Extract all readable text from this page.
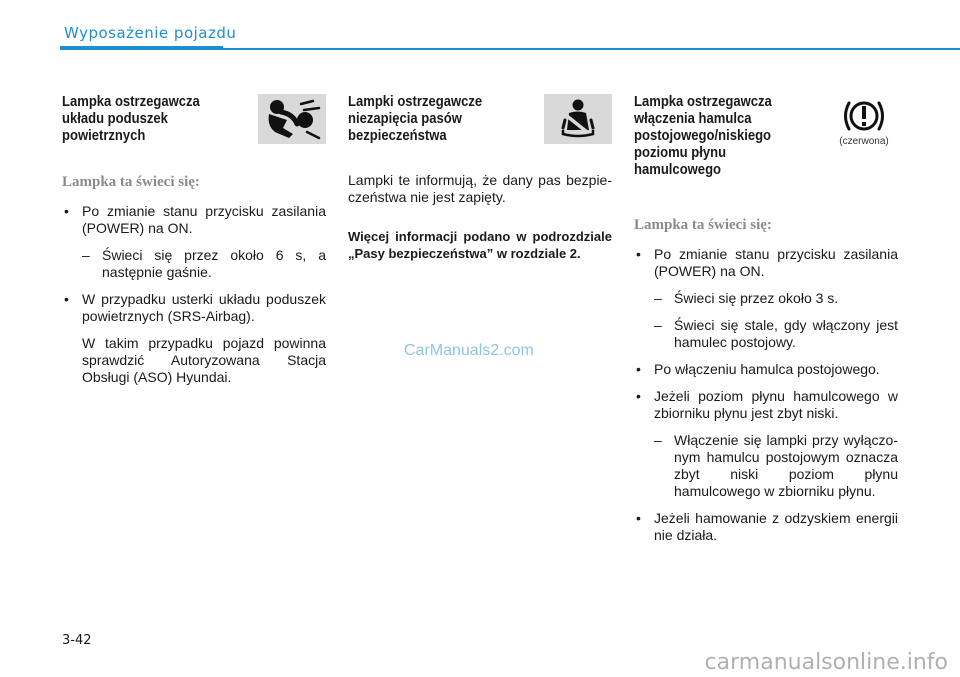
Wyposażenie pojazdu
Lampka ostrzegawcza
układu poduszek
powietrznych
Lampka ta świeci się:
• Po zmianie stanu przycisku zasilania (POWER) na ON.
– Świeci się przez około 6 s, a następnie gaśnie.
• W przypadku usterki układu poduszek powietrznych (SRS-Airbag).
W takim przypadku pojazd powinna sprawdzić Autoryzowana Stacja Obsługi (ASO) Hyundai.
Lampki ostrzegawcze
niezapięcia pasów
bezpieczeństwa
Lampki te informują, że dany pas bezpie-czeństwa nie jest zapięty.
Więcej informacji podano w podrozdziale „Pasy bezpieczeństwa” w rozdziale 2.
Lampka ostrzegawcza
włączenia hamulca
postojowego/niskiego
poziomu płynu
hamulcowego
(czerwona)
Lampka ta świeci się:
• Po zmianie stanu przycisku zasilania (POWER) na ON.
– Świeci się przez około 3 s.
– Świeci się stale, gdy włączony jest hamulec postojowy.
• Po włączeniu hamulca postojowego.
• Jeżeli poziom płynu hamulcowego w zbiorniku płynu jest zbyt niski.
– Włączenie się lampki przy wyłączo-nym hamulcu postojowym oznacza zbyt niski poziom płynu hamulcowego w zbiorniku płynu.
• Jeżeli hamowanie z odzyskiem energii nie działa.
CarManuals2.com
3-42
carmanualsonline.info
